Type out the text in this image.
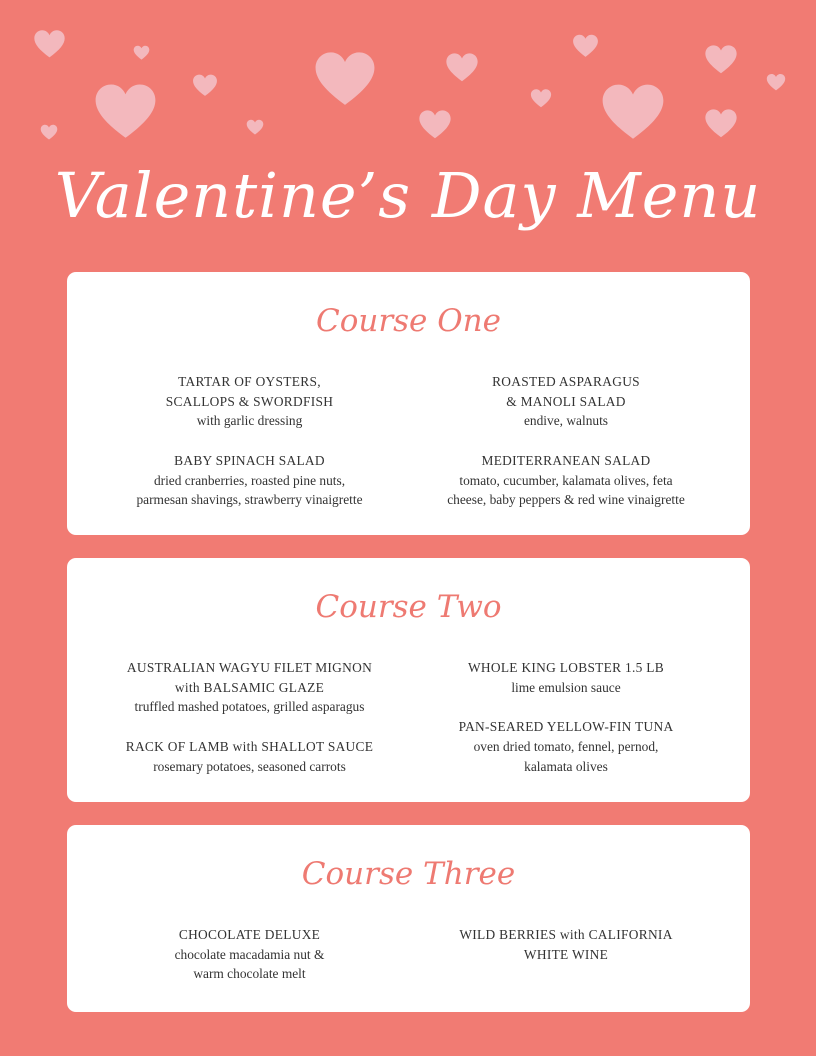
Valentine’s Day Menu
Course One
TARTAR OF OYSTERS,
SCALLOPS & SWORDFISH
with garlic dressing
BABY SPINACH SALAD
dried cranberries, roasted pine nuts,
parmesan shavings, strawberry vinaigrette
ROASTED ASPARAGUS
& MANOLI SALAD
endive, walnuts
MEDITERRANEAN SALAD
tomato, cucumber, kalamata olives, feta
cheese, baby peppers & red wine vinaigrette
Course Two
AUSTRALIAN WAGYU FILET MIGNON
with BALSAMIC GLAZE
truffled mashed potatoes, grilled asparagus
RACK OF LAMB with SHALLOT SAUCE
rosemary potatoes, seasoned carrots
WHOLE KING LOBSTER 1.5 LB
lime emulsion sauce
PAN-SEARED YELLOW-FIN TUNA
oven dried tomato, fennel, pernod,
kalamata olives
Course Three
CHOCOLATE DELUXE
chocolate macadamia nut &
warm chocolate melt
WILD BERRIES with CALIFORNIA
WHITE WINE
